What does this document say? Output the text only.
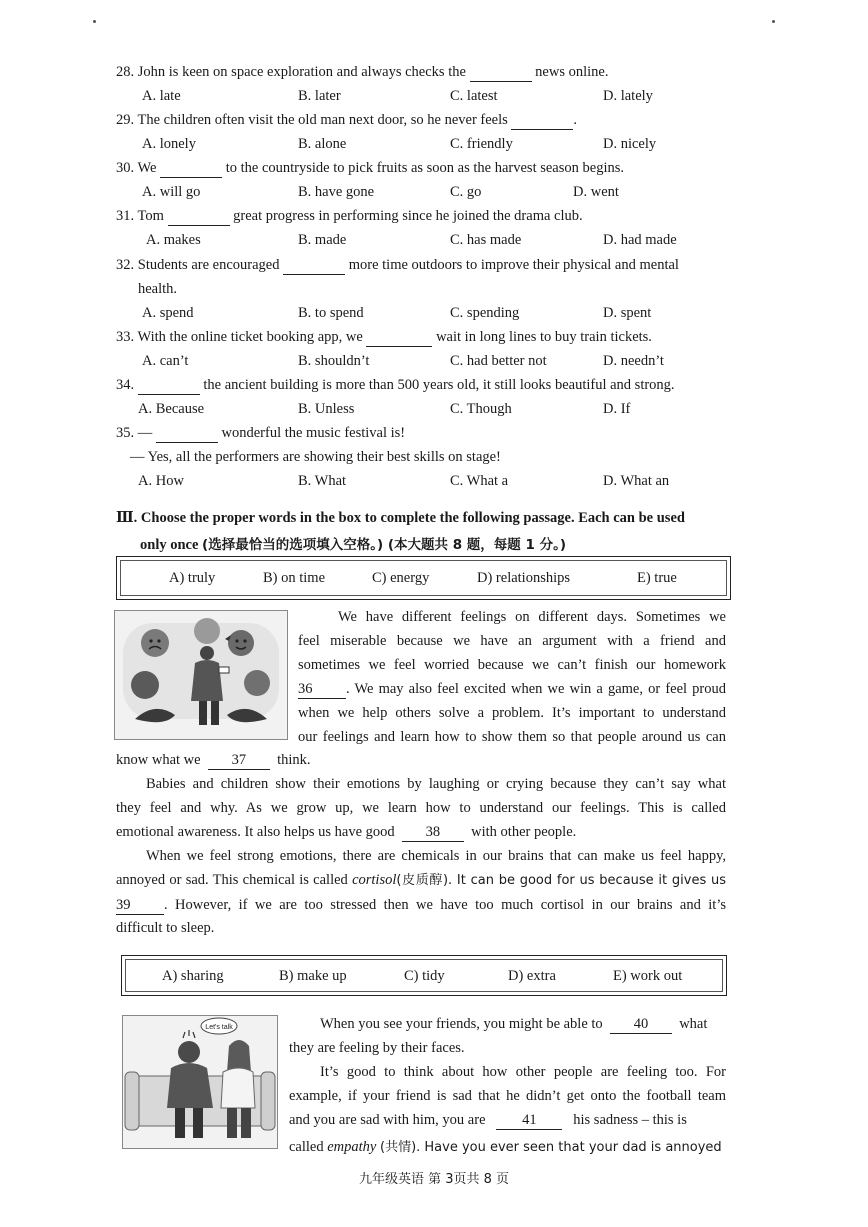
28. John is keen on space exploration and always checks the	news online.
A. late	B. later	C. latest	D. lately
29. The children often visit the old man next door, so he never feels	.
A. lonely	B. alone	C. friendly	D. nicely
30. We	to the countryside to pick fruits as soon as the harvest season begins.
A. will go	B. have gone	C. go	D. went
31. Tom	great progress in performing since he joined the drama club.
A. makes	B. made	C. has made	D. had made
32. Students are encouraged	more time outdoors to improve their physical and mental
health.
A. spend	B. to spend	C. spending	D. spent
33. With the online ticket booking app, we	wait in long lines to buy train tickets.
A. can’t	B. shouldn’t	C. had better not	D. needn’t
34.	the ancient building is more than 500 years old, it still looks beautiful and strong.
A. Because	B. Unless	C. Though	D. If
35. —	wonderful the music festival is!
— Yes, all the performers are showing their best skills on stage!
A. How	B. What	C. What a	D. What an
Ⅲ. Choose the proper words in the box to complete the following passage. Each can be used
only once (选择最恰当的选项填入空格。) (本大题共 8 题，每题 1 分。)
A) truly	B) on time	C) energy	D) relationships	E) true
We have different feelings on different days. Sometimes we
feel miserable because we have an argument with a friend and
sometimes we feel worried because we can’t finish our homework
36 . We may also feel excited when we win a game, or feel proud
when we help others solve a problem. It’s important to understand
our feelings and learn how to show them so that people around us can
know what we 37 think.
Babies and children show their emotions by laughing or crying because they can’t say what
they feel and why. As we grow up, we learn how to understand our feelings. This is called
emotional awareness. It also helps us have good 38 with other people.
When we feel strong emotions, there are chemicals in our brains that can make us feel happy,
annoyed or sad. This chemical is called cortisol(皮质醇). It can be good for us because it gives us
39 . However, if we are too stressed then we have too much cortisol in our brains and it’s
difficult to sleep.
A) sharing	B) make up	C) tidy	D) extra	E) work out
Let's talk	When you see your friends, you might be able to 40 what
they are feeling by their faces.
It’s good to think about how other people are feeling too. For
example, if your friend is sad that he didn’t get onto the football team
and you are sad with him, you are	41	his sadness – this is
called empathy (共情). Have you ever seen that your dad is annoyed
九年级英语 第 3页共 8 页
